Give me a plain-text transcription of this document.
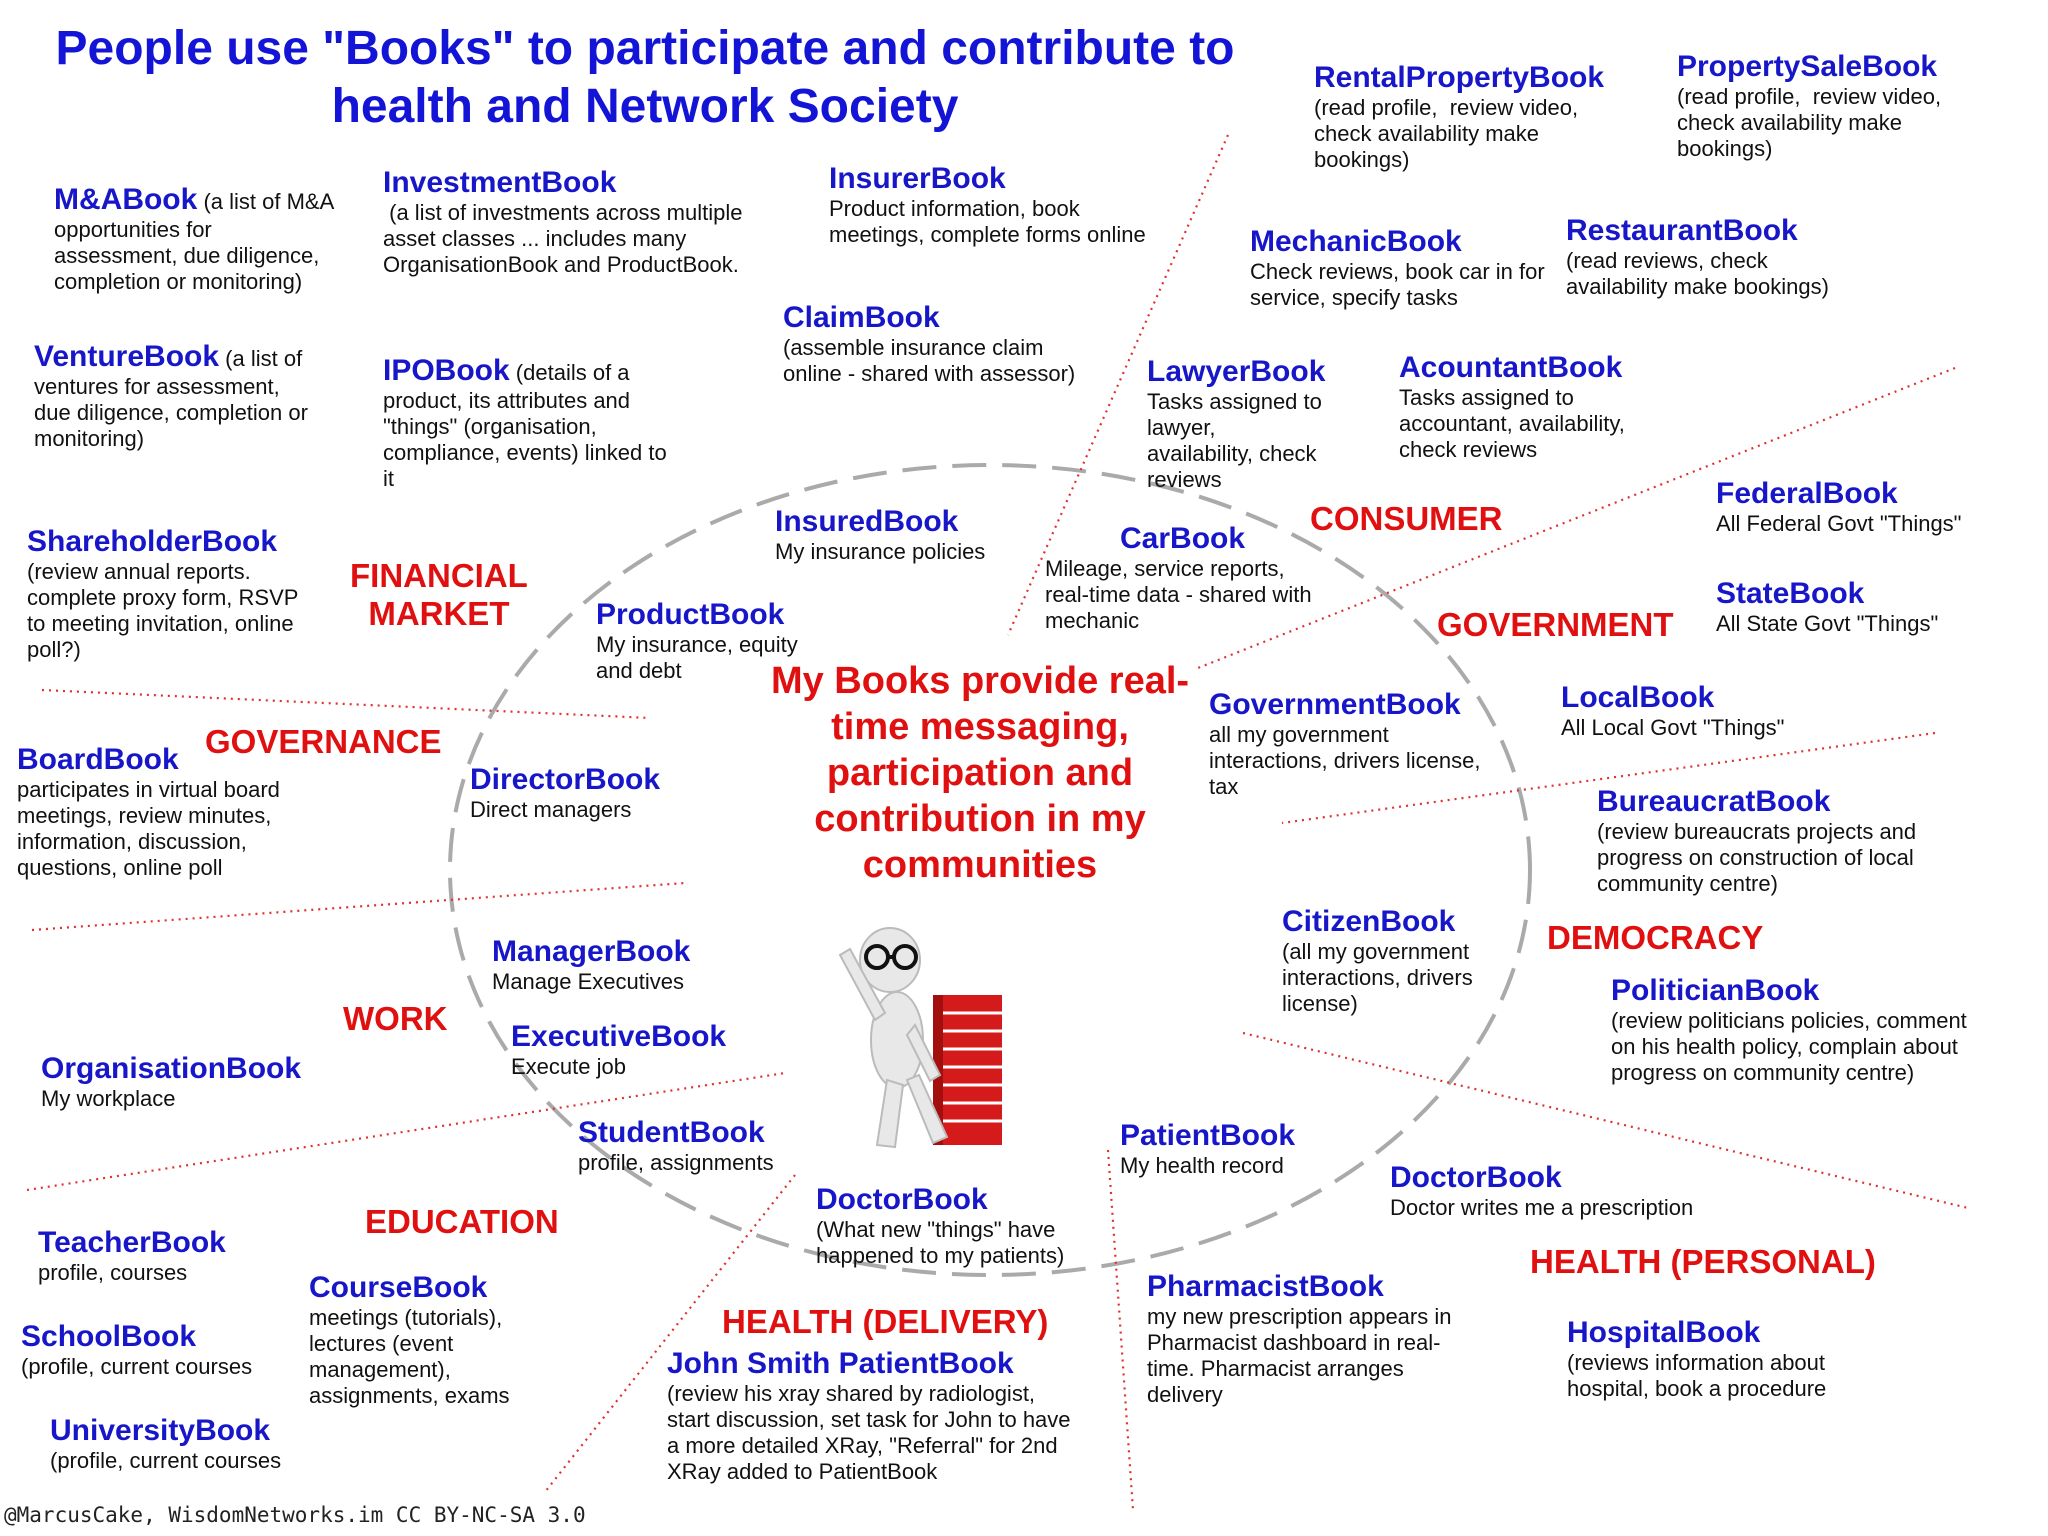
People use "Books" to participate and contribute to health and Network Society
My Books provide real-time messaging, participation and contribution in my communities
FINANCIAL
MARKET
CONSUMER
GOVERNMENT
GOVERNANCE
DEMOCRACY
WORK
EDUCATION
HEALTH (DELIVERY)
HEALTH (PERSONAL)
M&ABook (a list of M&A
opportunities for
assessment, due diligence,
completion or monitoring)
InvestmentBook
(a list of investments across multiple
asset classes ... includes many
OrganisationBook and ProductBook.
InsurerBook
Product information, book
meetings, complete forms online
RentalPropertyBook
(read profile,  review video,
check availability make
bookings)
PropertySaleBook
(read profile,  review video,
check availability make
bookings)
VentureBook (a list of
ventures for assessment,
due diligence, completion or
monitoring)
IPOBook (details of a
product, its attributes and
"things" (organisation,
compliance, events) linked to
it
ClaimBook
(assemble insurance claim
online - shared with assessor)
MechanicBook
Check reviews, book car in for
service, specify tasks
RestaurantBook
(read reviews, check
availability make bookings)
LawyerBook
Tasks assigned to
lawyer,
availability, check
reviews
AcountantBook
Tasks assigned to
accountant, availability,
check reviews
ShareholderBook
(review annual reports.
complete proxy form, RSVP
to meeting invitation, online
poll?)
InsuredBook
My insurance policies	CarBook
Mileage, service reports,
real-time data - shared with
mechanic
FederalBook
All Federal Govt "Things"
StateBook
All State Govt "Things"
ProductBook
My insurance, equity
and debt
GovernmentBook
all my government
interactions, drivers license,
tax
LocalBook
All Local Govt "Things"
BoardBook
participates in virtual board
meetings, review minutes,
information, discussion,
questions, online poll
DirectorBook
Direct managers	BureaucratBook
(review bureaucrats projects and
progress on construction of local
community centre)
CitizenBook
(all my government
interactions, drivers
license)
ManagerBook
Manage Executives	PoliticianBook
(review politicians policies, comment
on his health policy, complain about
progress on community centre)
ExecutiveBook
Execute job
OrganisationBook
My workplace
StudentBook
profile, assignments
PatientBook
My health record	DoctorBook
Doctor writes me a prescription
DoctorBook
(What new "things" have
happened to my patients)
TeacherBook
profile, courses	CourseBook
meetings (tutorials),
lectures (event
management),
assignments, exams
PharmacistBook
my new prescription appears in
Pharmacist dashboard in real-
time. Pharmacist arranges
delivery
SchoolBook
(profile, current courses
HospitalBook
(reviews information about
hospital, book a procedure
John Smith PatientBook
(review his xray shared by radiologist,
start discussion, set task for John to have
a more detailed XRay, "Referral" for 2nd
XRay added to PatientBook
UniversityBook
(profile, current courses
@MarcusCake, WisdomNetworks.im CC BY-NC-SA 3.0
